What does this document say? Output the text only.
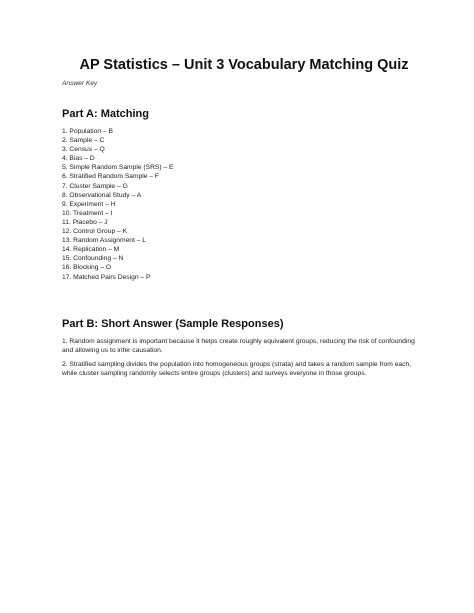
AP Statistics – Unit 3 Vocabulary Matching Quiz
Answer Key
Part A: Matching
1. Population – B
2. Sample – C
3. Census – Q
4. Bias – D
5. Simple Random Sample (SRS) – E
6. Stratified Random Sample – F
7. Cluster Sample – G
8. Observational Study – A
9. Experiment – H
10. Treatment – I
11. Placebo – J
12. Control Group – K
13. Random Assignment – L
14. Replication – M
15. Confounding – N
16. Blocking – O
17. Matched Pairs Design – P
Part B: Short Answer (Sample Responses)

1. Random assignment is important because it helps create roughly equivalent groups, reducing the risk of confounding and allowing us to infer causation.

2. Stratified sampling divides the population into homogeneous groups (strata) and takes a random sample from each, while cluster sampling randomly selects entire groups (clusters) and surveys everyone in those groups.
